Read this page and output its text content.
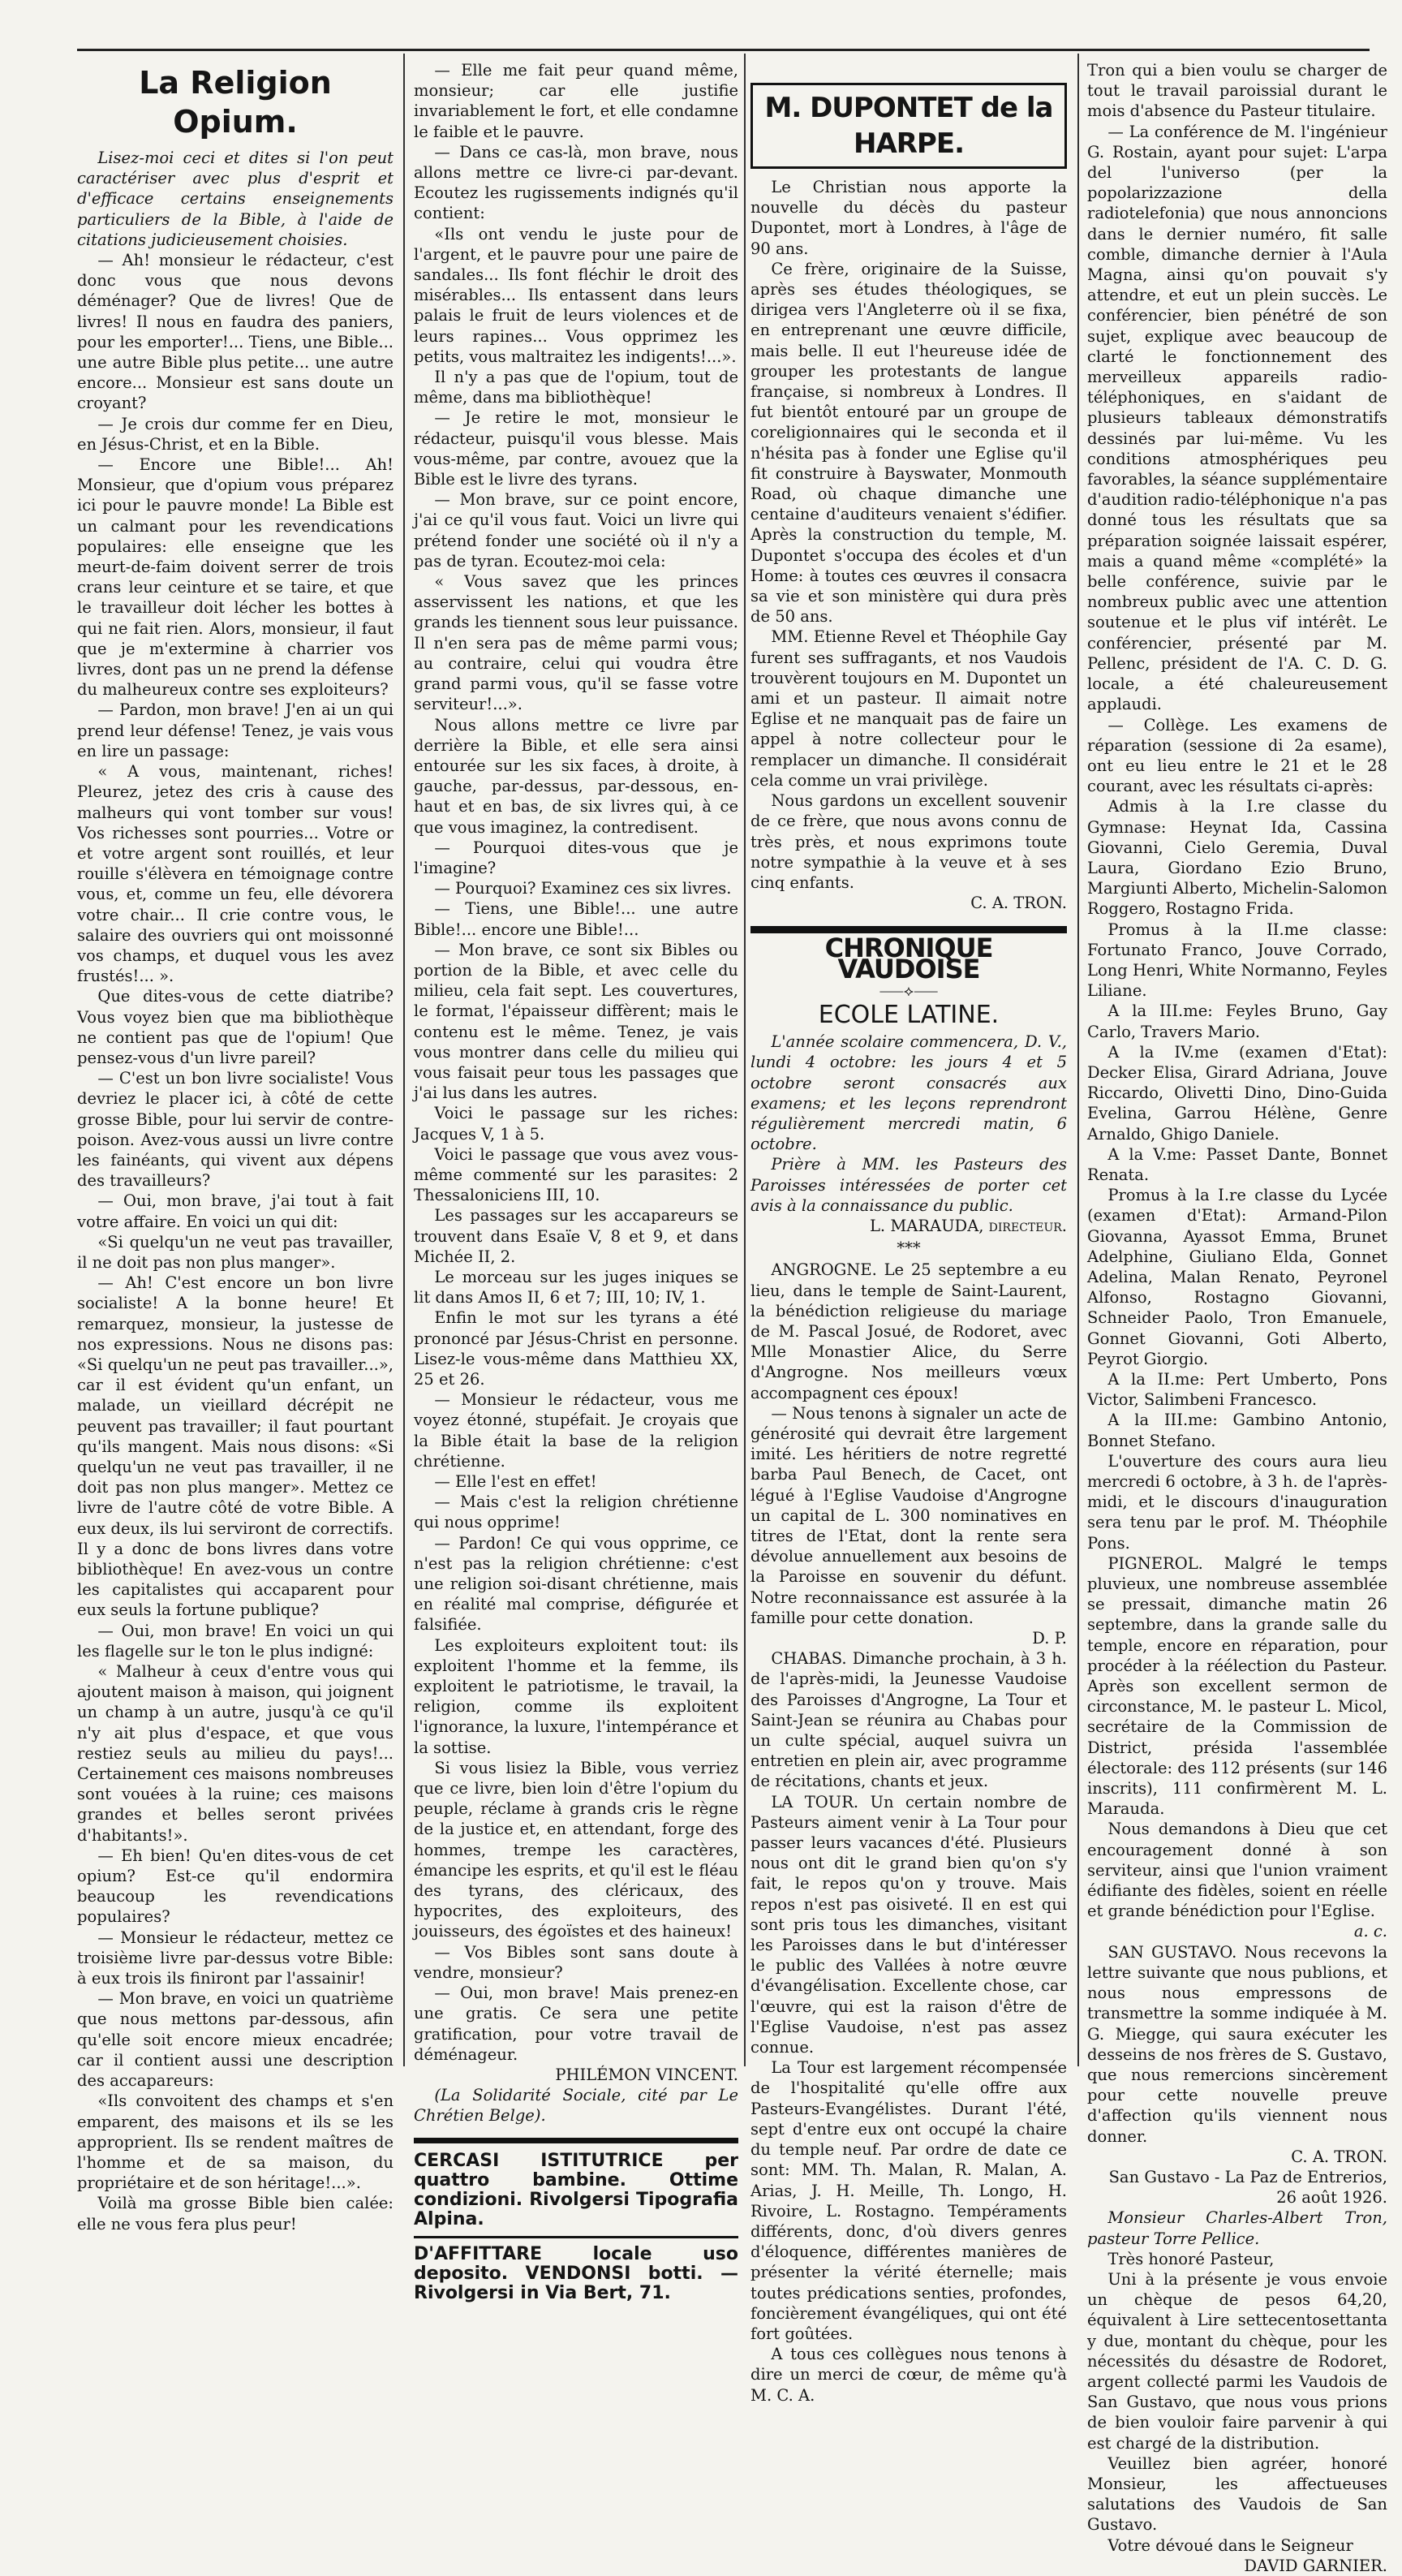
La Religion Opium.

Lisez-moi ceci et dites si l'on peut caractériser avec plus d'esprit et d'efficace certains enseignements particuliers de la Bible, à l'aide de citations judicieusement choisies.

— Ah! monsieur le rédacteur, c'est donc vous que nous devons déménager? Que de livres! Que de livres! Il nous en faudra des paniers, pour les emporter!... Tiens, une Bible... une autre Bible plus petite... une autre encore... Monsieur est sans doute un croyant?

— Je crois dur comme fer en Dieu, en Jésus-Christ, et en la Bible.

— Encore une Bible!... Ah! Monsieur, que d'opium vous préparez ici pour le pauvre monde! La Bible est un calmant pour les revendications populaires: elle enseigne que les meurt-de-faim doivent serrer de trois crans leur ceinture et se taire, et que le travailleur doit lécher les bottes à qui ne fait rien. Alors, monsieur, il faut que je m'extermine à charrier vos livres, dont pas un ne prend la défense du malheureux contre ses exploiteurs?

— Pardon, mon brave! J'en ai un qui prend leur défense! Tenez, je vais vous en lire un passage:

« A vous, maintenant, riches! Pleurez, jetez des cris à cause des malheurs qui vont tomber sur vous! Vos richesses sont pourries... Votre or et votre argent sont rouillés, et leur rouille s'élèvera en témoignage contre vous, et, comme un feu, elle dévorera votre chair... Il crie contre vous, le salaire des ouvriers qui ont moissonné vos champs, et duquel vous les avez frustés!... ».

Que dites-vous de cette diatribe? Vous voyez bien que ma bibliothèque ne contient pas que de l'opium! Que pensez-vous d'un livre pareil?

— C'est un bon livre socialiste! Vous devriez le placer ici, à côté de cette grosse Bible, pour lui servir de contre-poison. Avez-vous aussi un livre contre les fainéants, qui vivent aux dépens des travailleurs?

— Oui, mon brave, j'ai tout à fait votre affaire. En voici un qui dit:

«Si quelqu'un ne veut pas travailler, il ne doit pas non plus manger».

— Ah! C'est encore un bon livre socialiste! A la bonne heure! Et remarquez, monsieur, la justesse de nos expressions. Nous ne disons pas: «Si quelqu'un ne peut pas travailler...», car il est évident qu'un enfant, un malade, un vieillard décrépit ne peuvent pas travailler; il faut pourtant qu'ils mangent. Mais nous disons: «Si quelqu'un ne veut pas travailler, il ne doit pas non plus manger». Mettez ce livre de l'autre côté de votre Bible. A eux deux, ils lui serviront de correctifs. Il y a donc de bons livres dans votre bibliothèque! En avez-vous un contre les capitalistes qui accaparent pour eux seuls la fortune publique?

— Oui, mon brave! En voici un qui les flagelle sur le ton le plus indigné:

« Malheur à ceux d'entre vous qui ajoutent maison à maison, qui joignent un champ à un autre, jusqu'à ce qu'il n'y ait plus d'espace, et que vous restiez seuls au milieu du pays!... Certainement ces maisons nombreuses sont vouées à la ruine; ces maisons grandes et belles seront privées d'habitants!».

— Eh bien! Qu'en dites-vous de cet opium? Est-ce qu'il endormira beaucoup les revendications populaires?

— Monsieur le rédacteur, mettez ce troisième livre par-dessus votre Bible: à eux trois ils finiront par l'assainir!

— Mon brave, en voici un quatrième que nous mettons par-dessous, afin qu'elle soit encore mieux encadrée; car il contient aussi une description des accapareurs:

«Ils convoitent des champs et s'en emparent, des maisons et ils se les approprient. Ils se rendent maîtres de l'homme et de sa maison, du propriétaire et de son héritage!...».

Voilà ma grosse Bible bien calée: elle ne vous fera plus peur!

— Elle me fait peur quand même, monsieur; car elle justifie invariablement le fort, et elle condamne le faible et le pauvre.

— Dans ce cas-là, mon brave, nous allons mettre ce livre-ci par-devant. Ecoutez les rugissements indignés qu'il contient:

«Ils ont vendu le juste pour de l'argent, et le pauvre pour une paire de sandales... Ils font fléchir le droit des misérables... Ils entassent dans leurs palais le fruit de leurs violences et de leurs rapines... Vous opprimez les petits, vous maltraitez les indigents!...».

Il n'y a pas que de l'opium, tout de même, dans ma bibliothèque!

— Je retire le mot, monsieur le rédacteur, puisqu'il vous blesse. Mais vous-même, par contre, avouez que la Bible est le livre des tyrans.

— Mon brave, sur ce point encore, j'ai ce qu'il vous faut. Voici un livre qui prétend fonder une société où il n'y a pas de tyran. Ecoutez-moi cela:

« Vous savez que les princes asservissent les nations, et que les grands les tiennent sous leur puissance. Il n'en sera pas de même parmi vous; au contraire, celui qui voudra être grand parmi vous, qu'il se fasse votre serviteur!...».

Nous allons mettre ce livre par derrière la Bible, et elle sera ainsi entourée sur les six faces, à droite, à gauche, par-dessus, par-dessous, en-haut et en bas, de six livres qui, à ce que vous imaginez, la contredisent.

— Pourquoi dites-vous que je l'imagine?

— Pourquoi? Examinez ces six livres.

— Tiens, une Bible!... une autre Bible!... encore une Bible!...

— Mon brave, ce sont six Bibles ou portion de la Bible, et avec celle du milieu, cela fait sept. Les couvertures, le format, l'épaisseur diffèrent; mais le contenu est le même. Tenez, je vais vous montrer dans celle du milieu qui vous faisait peur tous les passages que j'ai lus dans les autres.

Voici le passage sur les riches: Jacques V, 1 à 5.

Voici le passage que vous avez vous-même commenté sur les parasites: 2 Thessaloniciens III, 10.

Les passages sur les accapareurs se trouvent dans Esaïe V, 8 et 9, et dans Michée II, 2.

Le morceau sur les juges iniques se lit dans Amos II, 6 et 7; III, 10; IV, 1.

Enfin le mot sur les tyrans a été prononcé par Jésus-Christ en personne. Lisez-le vous-même dans Matthieu XX, 25 et 26.

— Monsieur le rédacteur, vous me voyez étonné, stupéfait. Je croyais que la Bible était la base de la religion chrétienne.

— Elle l'est en effet!

— Mais c'est la religion chrétienne qui nous opprime!

— Pardon! Ce qui vous opprime, ce n'est pas la religion chrétienne: c'est une religion soi-disant chrétienne, mais en réalité mal comprise, défigurée et falsifiée.

Les exploiteurs exploitent tout: ils exploitent l'homme et la femme, ils exploitent le patriotisme, le travail, la religion, comme ils exploitent l'ignorance, la luxure, l'intempérance et la sottise.

Si vous lisiez la Bible, vous verriez que ce livre, bien loin d'être l'opium du peuple, réclame à grands cris le règne de la justice et, en attendant, forge des hommes, trempe les caractères, émancipe les esprits, et qu'il est le fléau des tyrans, des cléricaux, des hypocrites, des exploiteurs, des jouisseurs, des égoïstes et des haineux!

— Vos Bibles sont sans doute à vendre, monsieur?

— Oui, mon brave! Mais prenez-en une gratis. Ce sera une petite gratification, pour votre travail de déménageur.

PHILÉMON VINCENT.

(La Solidarité Sociale, cité par Le Chrétien Belge).

CERCASI ISTITUTRICE per quattro bambine. Ottime condizioni. Rivolgersi Tipografia Alpina.

D'AFFITTARE locale uso deposito. VENDONSI botti. — Rivolgersi in Via Bert, 71.

M. DUPONTET de la HARPE.

Le Christian nous apporte la nouvelle du décès du pasteur Dupontet, mort à Londres, à l'âge de 90 ans.

Ce frère, originaire de la Suisse, après ses études théologiques, se dirigea vers l'Angleterre où il se fixa, en entreprenant une œuvre difficile, mais belle. Il eut l'heureuse idée de grouper les protestants de langue française, si nombreux à Londres. Il fut bientôt entouré par un groupe de coreligionnaires qui le seconda et il n'hésita pas à fonder une Eglise qu'il fit construire à Bayswater, Monmouth Road, où chaque dimanche une centaine d'auditeurs venaient s'édifier. Après la construction du temple, M. Dupontet s'occupa des écoles et d'un Home: à toutes ces œuvres il consacra sa vie et son ministère qui dura près de 50 ans.

MM. Etienne Revel et Théophile Gay furent ses suffragants, et nos Vaudois trouvèrent toujours en M. Dupontet un ami et un pasteur. Il aimait notre Eglise et ne manquait pas de faire un appel à notre collecteur pour le remplacer un dimanche. Il considérait cela comme un vrai privilège.

Nous gardons un excellent souvenir de ce frère, que nous avons connu de très près, et nous exprimons toute notre sympathie à la veuve et à ses cinq enfants.

C. A. TRON.

CHRONIQUE VAUDOISE
⸺⟡⸺
ECOLE LATINE.

L'année scolaire commencera, D. V., lundi 4 octobre: les jours 4 et 5 octobre seront consacrés aux examens; et les leçons reprendront régulièrement mercredi matin, 6 octobre.

Prière à MM. les Pasteurs des Paroisses intéressées de porter cet avis à la connaissance du public.

L. MARAUDA, directeur.

***

ANGROGNE. Le 25 septembre a eu lieu, dans le temple de Saint-Laurent, la bénédiction religieuse du mariage de M. Pascal Josué, de Rodoret, avec Mlle Monastier Alice, du Serre d'Angrogne. Nos meilleurs vœux accompagnent ces époux!

— Nous tenons à signaler un acte de générosité qui devrait être largement imité. Les héritiers de notre regretté barba Paul Benech, de Cacet, ont légué à l'Eglise Vaudoise d'Angrogne un capital de L. 300 nominatives en titres de l'Etat, dont la rente sera dévolue annuellement aux besoins de la Paroisse en souvenir du défunt. Notre reconnaissance est assurée à la famille pour cette donation.

D. P.

CHABAS. Dimanche prochain, à 3 h. de l'après-midi, la Jeunesse Vaudoise des Paroisses d'Angrogne, La Tour et Saint-Jean se réunira au Chabas pour un culte spécial, auquel suivra un entretien en plein air, avec programme de récitations, chants et jeux.

LA TOUR. Un certain nombre de Pasteurs aiment venir à La Tour pour passer leurs vacances d'été. Plusieurs nous ont dit le grand bien qu'on s'y fait, le repos qu'on y trouve. Mais repos n'est pas oisiveté. Il en est qui sont pris tous les dimanches, visitant les Paroisses dans le but d'intéresser le public des Vallées à notre œuvre d'évangélisation. Excellente chose, car l'œuvre, qui est la raison d'être de l'Eglise Vaudoise, n'est pas assez connue.

La Tour est largement récompensée de l'hospitalité qu'elle offre aux Pasteurs-Evangélistes. Durant l'été, sept d'entre eux ont occupé la chaire du temple neuf. Par ordre de date ce sont: MM. Th. Malan, R. Malan, A. Arias, J. H. Meille, Th. Longo, H. Rivoire, L. Rostagno. Tempéraments différents, donc, d'où divers genres d'éloquence, différentes manières de présenter la vérité éternelle; mais toutes prédications senties, profondes, foncièrement évangéliques, qui ont été fort goûtées.

A tous ces collègues nous tenons à dire un merci de cœur, de même qu'à M. C. A.

Tron qui a bien voulu se charger de tout le travail paroissial durant le mois d'absence du Pasteur titulaire.

— La conférence de M. l'ingénieur G. Rostain, ayant pour sujet: L'arpa del l'universo (per la popolarizzazione della radiotelefonia) que nous annoncions dans le dernier numéro, fit salle comble, dimanche dernier à l'Aula Magna, ainsi qu'on pouvait s'y attendre, et eut un plein succès. Le conférencier, bien pénétré de son sujet, explique avec beaucoup de clarté le fonctionnement des merveilleux appareils radio-téléphoniques, en s'aidant de plusieurs tableaux démonstratifs dessinés par lui-même. Vu les conditions atmosphériques peu favorables, la séance supplémentaire d'audition radio-téléphonique n'a pas donné tous les résultats que sa préparation soignée laissait espérer, mais a quand même «complété» la belle conférence, suivie par le nombreux public avec une attention soutenue et le plus vif intérêt. Le conférencier, présenté par M. Pellenc, président de l'A. C. D. G. locale, a été chaleureusement applaudi.

— Collège. Les examens de réparation (sessione di 2a esame), ont eu lieu entre le 21 et le 28 courant, avec les résultats ci-après:

Admis à la I.re classe du Gymnase: Heynat Ida, Cassina Giovanni, Cielo Geremia, Duval Laura, Giordano Ezio Bruno, Margiunti Alberto, Michelin-Salomon Roggero, Rostagno Frida.

Promus à la II.me classe: Fortunato Franco, Jouve Corrado, Long Henri, White Normanno, Feyles Liliane.

A la III.me: Feyles Bruno, Gay Carlo, Travers Mario.

A la IV.me (examen d'Etat): Decker Elisa, Girard Adriana, Jouve Riccardo, Olivetti Dino, Dino-Guida Evelina, Garrou Hélène, Genre Arnaldo, Ghigo Daniele.

A la V.me: Passet Dante, Bonnet Renata.

Promus à la I.re classe du Lycée (examen d'Etat): Armand-Pilon Giovanna, Ayassot Emma, Brunet Adelphine, Giuliano Elda, Gonnet Adelina, Malan Renato, Peyronel Alfonso, Rostagno Giovanni, Schneider Paolo, Tron Emanuele, Gonnet Giovanni, Goti Alberto, Peyrot Giorgio.

A la II.me: Pert Umberto, Pons Victor, Salimbeni Francesco.

A la III.me: Gambino Antonio, Bonnet Stefano.

L'ouverture des cours aura lieu mercredi 6 octobre, à 3 h. de l'après-midi, et le discours d'inauguration sera tenu par le prof. M. Théophile Pons.

PIGNEROL. Malgré le temps pluvieux, une nombreuse assemblée se pressait, dimanche matin 26 septembre, dans la grande salle du temple, encore en réparation, pour procéder à la réélection du Pasteur. Après son excellent sermon de circonstance, M. le pasteur L. Micol, secrétaire de la Commission de District, présida l'assemblée électorale: des 112 présents (sur 146 inscrits), 111 confirmèrent M. L. Marauda.

Nous demandons à Dieu que cet encouragement donné à son serviteur, ainsi que l'union vraiment édifiante des fidèles, soient en réelle et grande bénédiction pour l'Eglise.

a. c.

SAN GUSTAVO. Nous recevons la lettre suivante que nous publions, et nous nous empressons de transmettre la somme indiquée à M. G. Miegge, qui saura exécuter les desseins de nos frères de S. Gustavo, que nous remercions sincèrement pour cette nouvelle preuve d'affection qu'ils viennent nous donner.

C. A. TRON.

San Gustavo - La Paz de Entrerios, 26 août 1926.

Monsieur Charles-Albert Tron, pasteur Torre Pellice.

Très honoré Pasteur,

Uni à la présente je vous envoie un chèque de pesos 64,20, équivalent à Lire settecentosettanta y due, montant du chèque, pour les nécessités du désastre de Rodoret, argent collecté parmi les Vaudois de San Gustavo, que nous vous prions de bien vouloir faire parvenir à qui est chargé de la distribution.

Veuillez bien agréer, honoré Monsieur, les affectueuses salutations des Vaudois de San Gustavo.

Votre dévoué dans le Seigneur

DAVID GARNIER.
